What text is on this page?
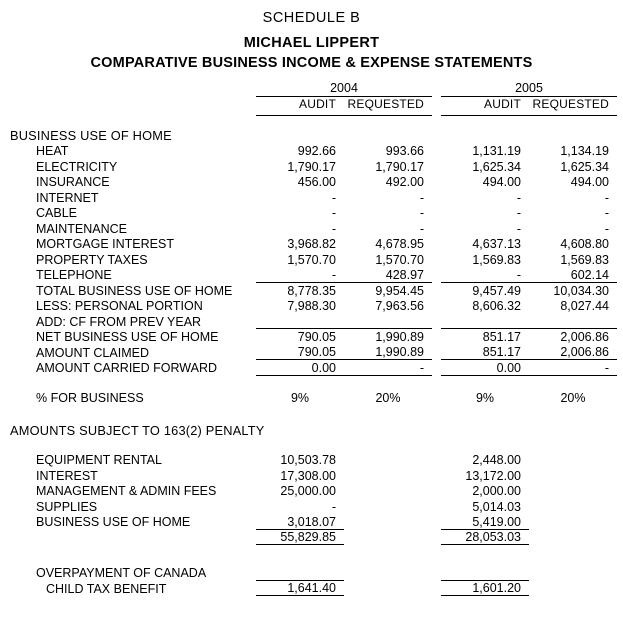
SCHEDULE B
MICHAEL LIPPERT
COMPARATIVE BUSINESS INCOME & EXPENSE STATEMENTS
	2004			2005	
	AUDIT	REQUESTED		AUDIT	REQUESTED

BUSINESS USE OF HOME					
HEAT	992.66	993.66		1,131.19	1,134.19
ELECTRICITY	1,790.17	1,790.17		1,625.34	1,625.34
INSURANCE	456.00	492.00		494.00	494.00
INTERNET	-	-		-	-
CABLE	-	-		-	-
MAINTENANCE	-	-		-	-
MORTGAGE INTEREST	3,968.82	4,678.95		4,637.13	4,608.80
PROPERTY TAXES	1,570.70	1,570.70		1,569.83	1,569.83
TELEPHONE	-	428.97		-	602.14
TOTAL BUSINESS USE OF HOME	8,778.35	9,954.45		9,457.49	10,034.30
LESS: PERSONAL PORTION	7,988.30	7,963.56		8,606.32	8,027.44
ADD: CF FROM PREV YEAR					
NET BUSINESS USE OF HOME	790.05	1,990.89		851.17	2,006.86
AMOUNT CLAIMED	790.05	1,990.89		851.17	2,006.86
AMOUNT CARRIED FORWARD	0.00	-		0.00	-

% FOR BUSINESS	9%	20%		9%	20%

AMOUNTS SUBJECT TO 163(2) PENALTY					

EQUIPMENT RENTAL	10,503.78			2,448.00	
INTEREST	17,308.00			13,172.00	
MANAGEMENT & ADMIN FEES	25,000.00			2,000.00	
SUPPLIES	-			5,014.03	
BUSINESS USE OF HOME	3,018.07			5,419.00	
	55,829.85			28,053.03	

OVERPAYMENT OF CANADA					
CHILD TAX BENEFIT	1,641.40			1,601.20	
